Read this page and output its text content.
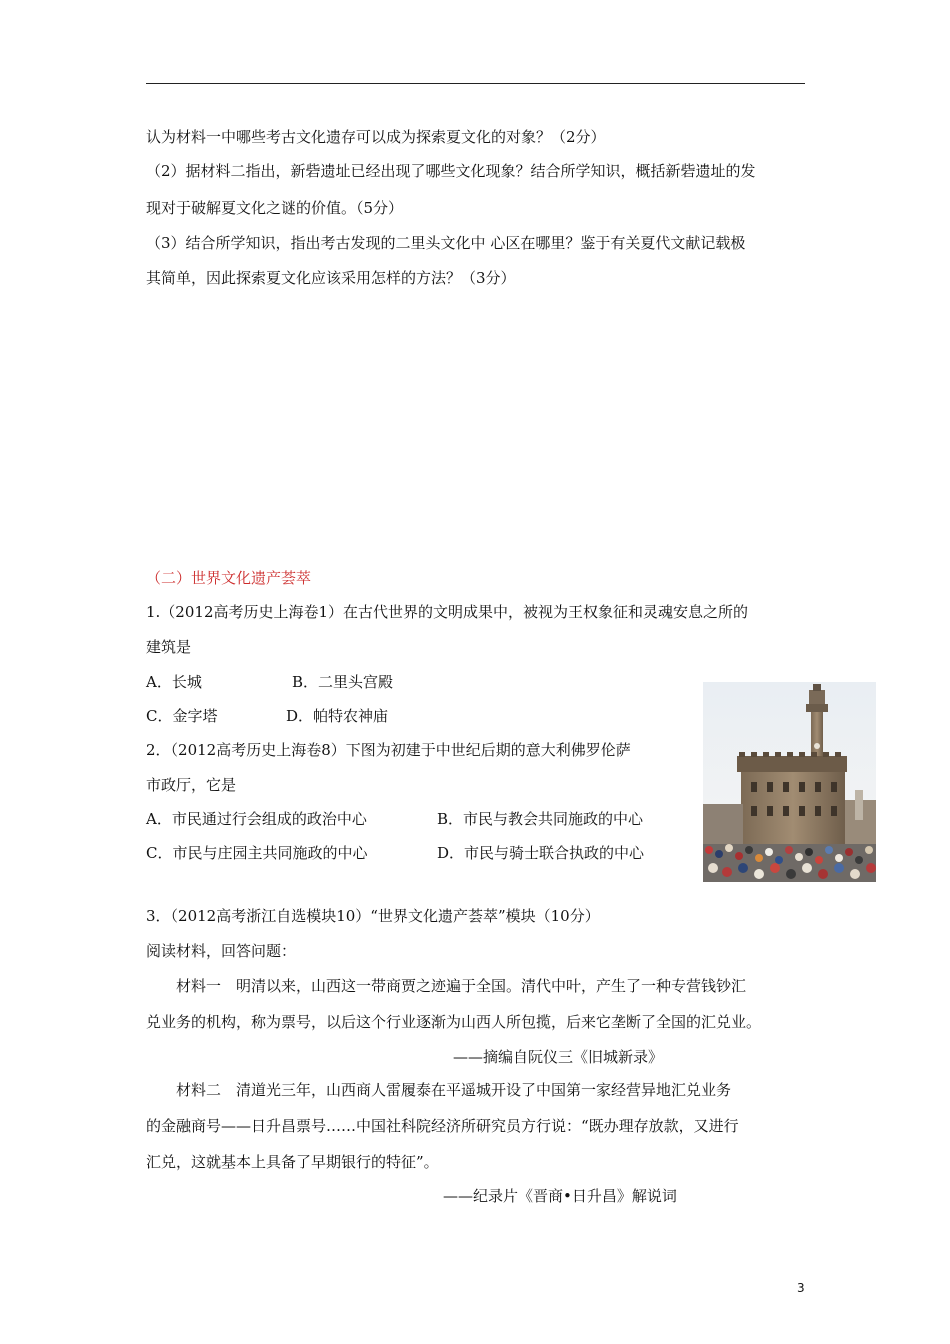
认为材料一中哪些考古文化遗存可以成为探索夏文化的对象？（2分）
（2）据材料二指出，新砦遗址已经出现了哪些文化现象？结合所学知识，概括新砦遗址的发
现对于破解夏文化之谜的价值。（5分）
（3）结合所学知识，指出考古发现的二里头文化中 心区在哪里？鉴于有关夏代文献记载极
其简单，因此探索夏文化应该采用怎样的方法？（3分）
（二）世界文化遗产荟萃
1.（2012高考历史上海卷1）在古代世界的文明成果中，被视为王权象征和灵魂安息之所的
建筑是
A．长城	B．二里头宫殿
C．金字塔	D．帕特农神庙
2．（2012高考历史上海卷8）下图为初建于中世纪后期的意大利佛罗伦萨
市政厅，它是
A．市民通过行会组成的政治中心	B．市民与教会共同施政的中心
C．市民与庄园主共同施政的中心	D．市民与骑士联合执政的中心
3．（2012高考浙江自选模块10）“世界文化遗产荟萃”模块（10分）
阅读材料，回答问题：
材料一　明清以来，山西这一带商贾之迹遍于全国。清代中叶，产生了一种专营钱钞汇
兑业务的机构，称为票号，以后这个行业逐渐为山西人所包揽，后来它垄断了全国的汇兑业。
——摘编自阮仪三《旧城新录》
材料二　清道光三年，山西商人雷履泰在平遥城开设了中国第一家经营异地汇兑业务
的金融商号——日升昌票号……中国社科院经济所研究员方行说：“既办理存放款，又进行
汇兑，这就基本上具备了早期银行的特征”。
——纪录片《晋商•日升昌》解说词
3
